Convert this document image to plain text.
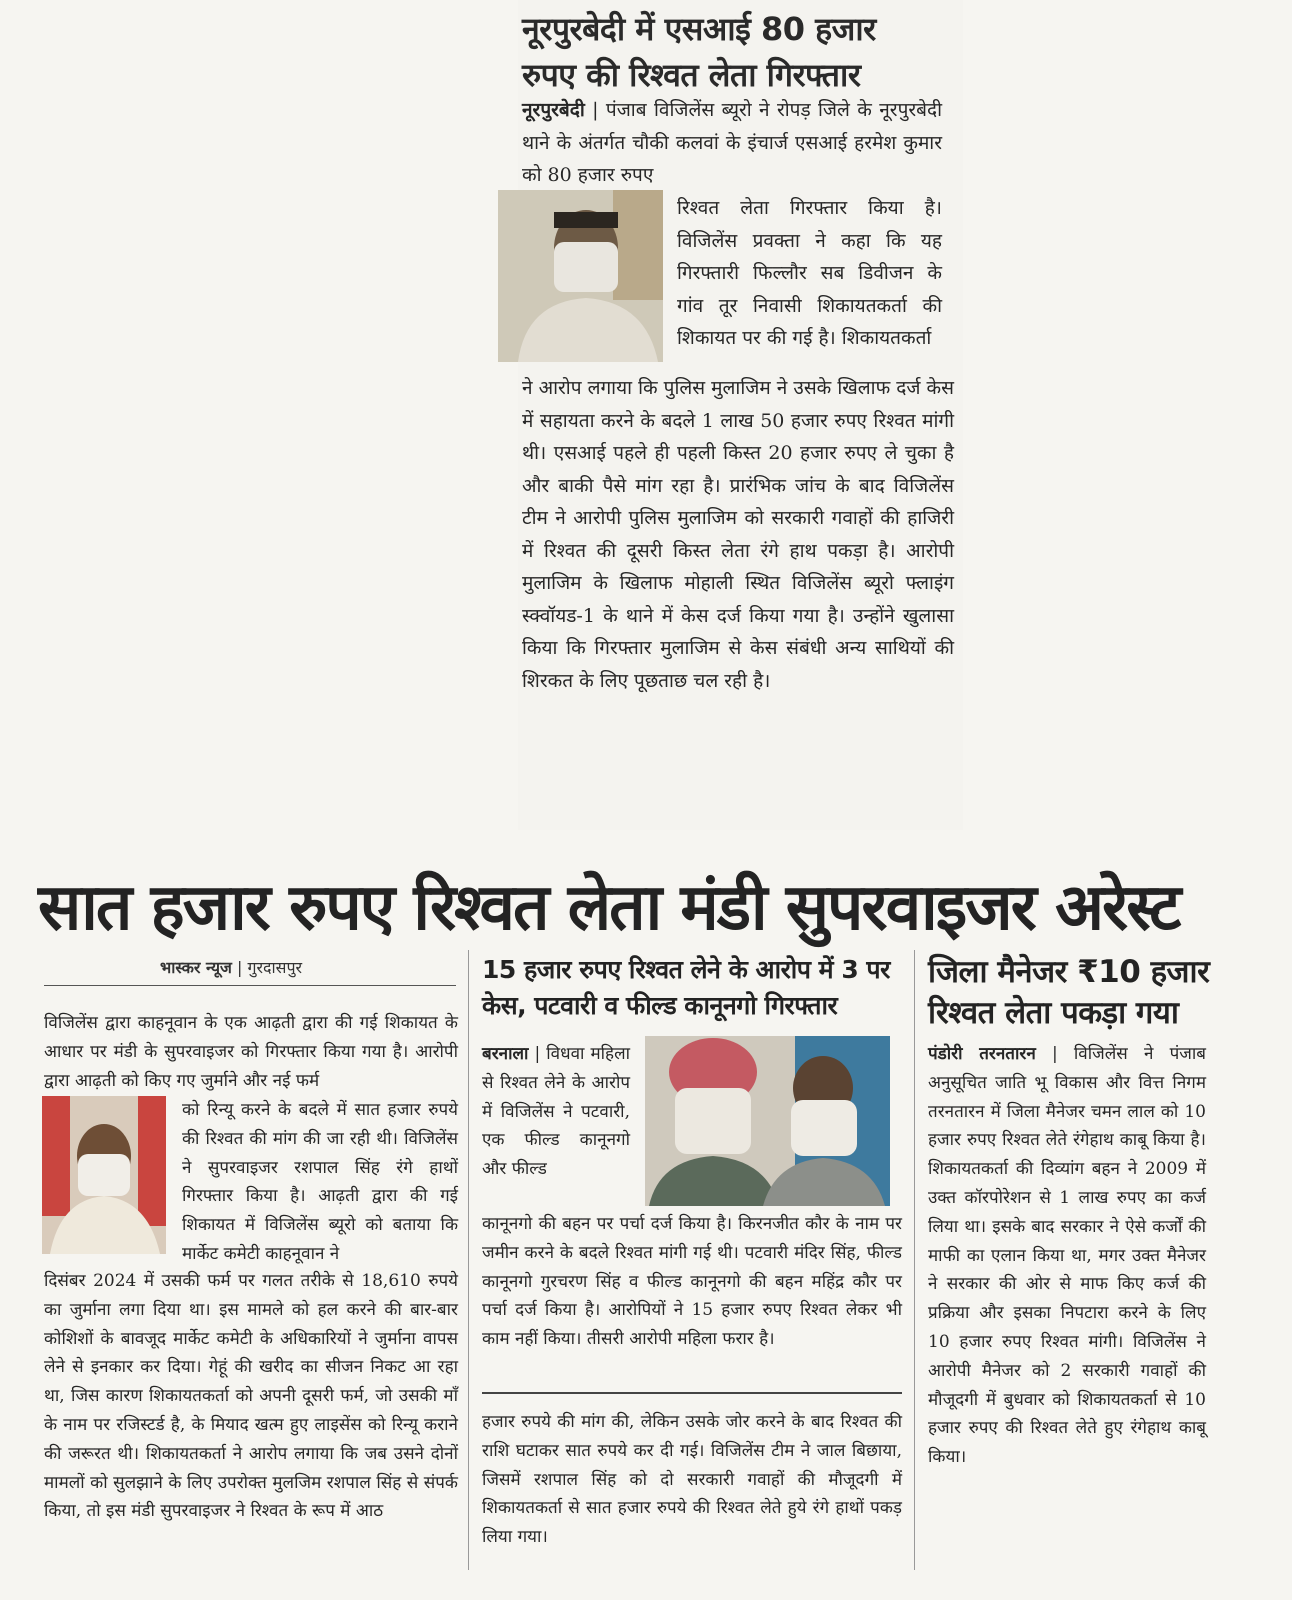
नूरपुरबेदी में एसआई 80 हजार
रुपए की रिश्वत लेता गिरफ्तार

नूरपुरबेदी | पंजाब विजिलेंस ब्यूरो ने रोपड़ जिले के नूरपुरबेदी थाने के अंतर्गत चौकी कलवां के इंचार्ज एसआई हरमेश कुमार को 80 हजार रुपए

रिश्वत लेता गिरफ्तार किया है। विजिलेंस प्रवक्ता ने कहा कि यह गिरफ्तारी फिल्लौर सब डिवीजन के गांव तूर निवासी शिकायतकर्ता की शिकायत पर की गई है। शिकायतकर्ता

ने आरोप लगाया कि पुलिस मुलाजिम ने उसके खिलाफ दर्ज केस में सहायता करने के बदले 1 लाख 50 हजार रुपए रिश्वत मांगी थी। एसआई पहले ही पहली किस्त 20 हजार रुपए ले चुका है और बाकी पैसे मांग रहा है। प्रारंभिक जांच के बाद विजिलेंस टीम ने आरोपी पुलिस मुलाजिम को सरकारी गवाहों की हाजिरी में रिश्वत की दूसरी किस्त लेता रंगे हाथ पकड़ा है। आरोपी मुलाजिम के खिलाफ मोहाली स्थित विजिलेंस ब्यूरो फ्लाइंग स्क्वॉयड-1 के थाने में केस दर्ज किया गया है। उन्होंने खुलासा किया कि गिरफ्तार मुलाजिम से केस संबंधी अन्य साथियों की शिरकत के लिए पूछताछ चल रही है।

सात हजार रुपए रिश्वत लेता मंडी सुपरवाइजर अरेस्ट
भास्कर न्यूज | गुरदासपुर

विजिलेंस द्वारा काहनूवान के एक आढ़ती द्वारा की गई शिकायत के आधार पर मंडी के सुपरवाइजर को गिरफ्तार किया गया है। आरोपी द्वारा आढ़ती को किए गए जुर्माने और नई फर्म

को रिन्यू करने के बदले में सात हजार रुपये की रिश्वत की मांग की जा रही थी। विजिलेंस ने सुपरवाइजर रशपाल सिंह रंगे हाथों गिरफ्तार किया है। आढ़ती द्वारा की गई शिकायत में विजिलेंस ब्यूरो को बताया कि मार्केट कमेटी काहनूवान ने

दिसंबर 2024 में उसकी फर्म पर गलत तरीके से 18,610 रुपये का जुर्माना लगा दिया था। इस मामले को हल करने की बार-बार कोशिशों के बावजूद मार्केट कमेटी के अधिकारियों ने जुर्माना वापस लेने से इनकार कर दिया। गेहूं की खरीद का सीजन निकट आ रहा था, जिस कारण शिकायतकर्ता को अपनी दूसरी फर्म, जो उसकी माँ के नाम पर रजिस्टर्ड है, के मियाद खत्म हुए लाइसेंस को रिन्यू कराने की जरूरत थी। शिकायतकर्ता ने आरोप लगाया कि जब उसने दोनों मामलों को सुलझाने के लिए उपरोक्त मुलजिम रशपाल सिंह से संपर्क किया, तो इस मंडी सुपरवाइजर ने रिश्वत के रूप में आठ

15 हजार रुपए रिश्वत लेने के आरोप में 3 पर केस, पटवारी व फील्ड कानूनगो गिरफ्तार

बरनाला | विधवा महिला से रिश्वत लेने के आरोप में विजिलेंस ने पटवारी, एक फील्ड कानूनगो और फील्ड

कानूनगो की बहन पर पर्चा दर्ज किया है। किरनजीत कौर के नाम पर जमीन करने के बदले रिश्वत मांगी गई थी। पटवारी मंदिर सिंह, फील्ड कानूनगो गुरचरण सिंह व फील्ड कानूनगो की बहन महिंद्र कौर पर पर्चा दर्ज किया है। आरोपियों ने 15 हजार रुपए रिश्वत लेकर भी काम नहीं किया। तीसरी आरोपी महिला फरार है।

हजार रुपये की मांग की, लेकिन उसके जोर करने के बाद रिश्वत की राशि घटाकर सात रुपये कर दी गई। विजिलेंस टीम ने जाल बिछाया, जिसमें रशपाल सिंह को दो सरकारी गवाहों की मौजूदगी में शिकायतकर्ता से सात हजार रुपये की रिश्वत लेते हुये रंगे हाथों पकड़ लिया गया।

जिला मैनेजर ₹10 हजार रिश्वत लेता पकड़ा गया

पंडोरी तरनतारन | विजिलेंस ने पंजाब अनुसूचित जाति भू विकास और वित्त निगम तरनतारन में जिला मैनेजर चमन लाल को 10 हजार रुपए रिश्वत लेते रंगेहाथ काबू किया है। शिकायतकर्ता की दिव्यांग बहन ने 2009 में उक्त कॉरपोरेशन से 1 लाख रुपए का कर्ज लिया था। इसके बाद सरकार ने ऐसे कर्जों की माफी का एलान किया था, मगर उक्त मैनेजर ने सरकार की ओर से माफ किए कर्ज की प्रक्रिया और इसका निपटारा करने के लिए 10 हजार रुपए रिश्वत मांगी। विजिलेंस ने आरोपी मैनेजर को 2 सरकारी गवाहों की मौजूदगी में बुधवार को शिकायतकर्ता से 10 हजार रुपए की रिश्वत लेते हुए रंगेहाथ काबू किया।
